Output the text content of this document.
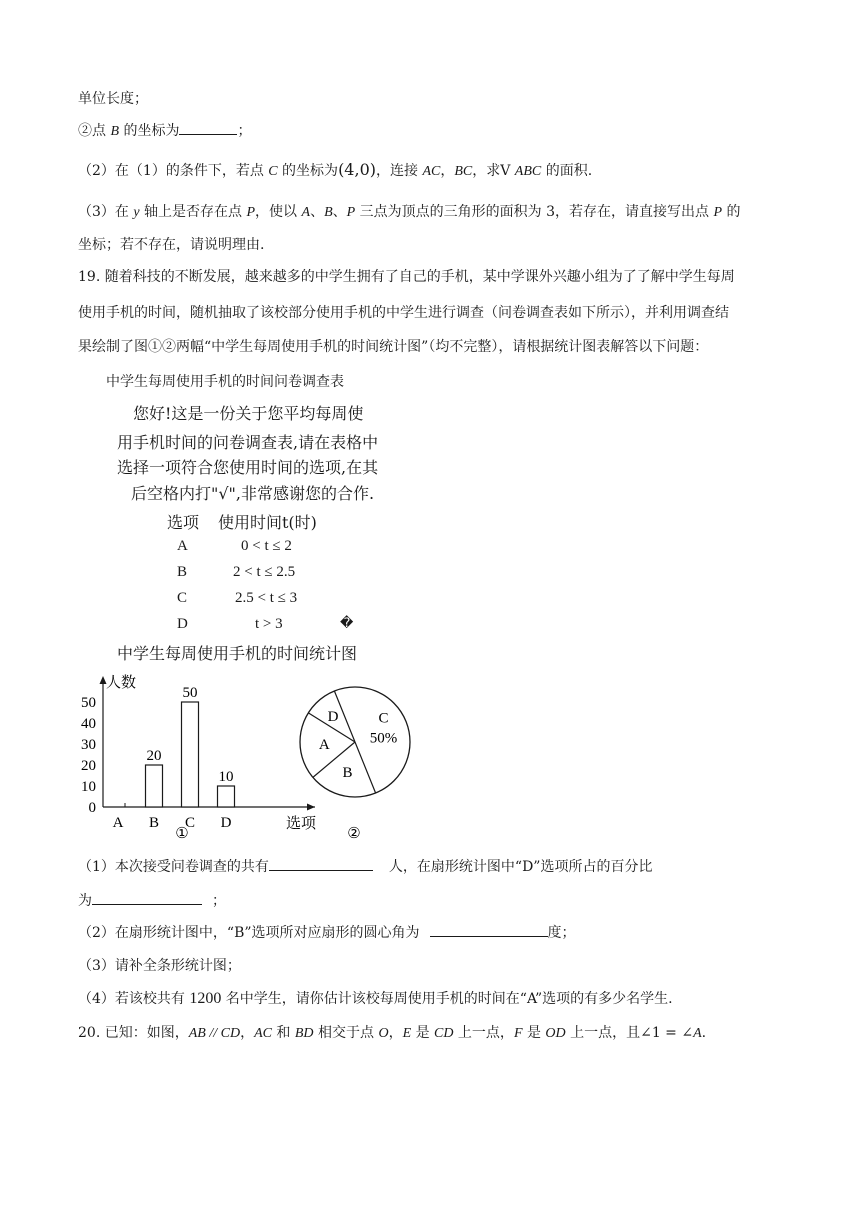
单位长度；
②点 B 的坐标为	；
（2）在（1）的条件下，若点 C 的坐标为(4,0)，连接 AC，BC，求V ABC 的面积.
（3）在 y 轴上是否存在点 P，使以 A、B、P 三点为顶点的三角形的面积为 3，若存在，请直接写出点 P 的
坐标；若不存在，请说明理由.
19. 随着科技的不断发展，越来越多的中学生拥有了自己的手机，某中学课外兴趣小组为了了解中学生每周
使用手机的时间，随机抽取了该校部分使用手机的中学生进行调查（问卷调查表如下所示），并利用调查结
果绘制了图①②两幅“中学生每周使用手机的时间统计图”（均不完整），请根据统计图表解答以下问题：
中学生每周使用手机的时间问卷调查表
您好!这是一份关于您平均每周使
用手机时间的问卷调查表,请在表格中
选择一项符合您使用时间的选项,在其
后空格内打"√",非常感谢您的合作.
选项 使用时间t(时)
A	0 < t ≤ 2
B	2 < t ≤ 2.5
C	2.5 < t ≤ 3
D	t > 3	�
中学生每周使用手机的时间统计图
人数
选项
0
10
20
30
40
50
A B
20
C
50
D
10
①
C
50%
B
A
D
②
（1）本次接受问卷调查的共有	人，在扇形统计图中“D”选项所占的百分比
为	；
（2）在扇形统计图中，“B”选项所对应扇形的圆心角为	度；
（3）请补全条形统计图；
（4）若该校共有 1200 名中学生，请你估计该校每周使用手机的时间在“A”选项的有多少名学生.
20. 已知：如图，AB // CD，AC 和 BD 相交于点 O，E 是 CD 上一点，F 是 OD 上一点，且∠1 = ∠A.
